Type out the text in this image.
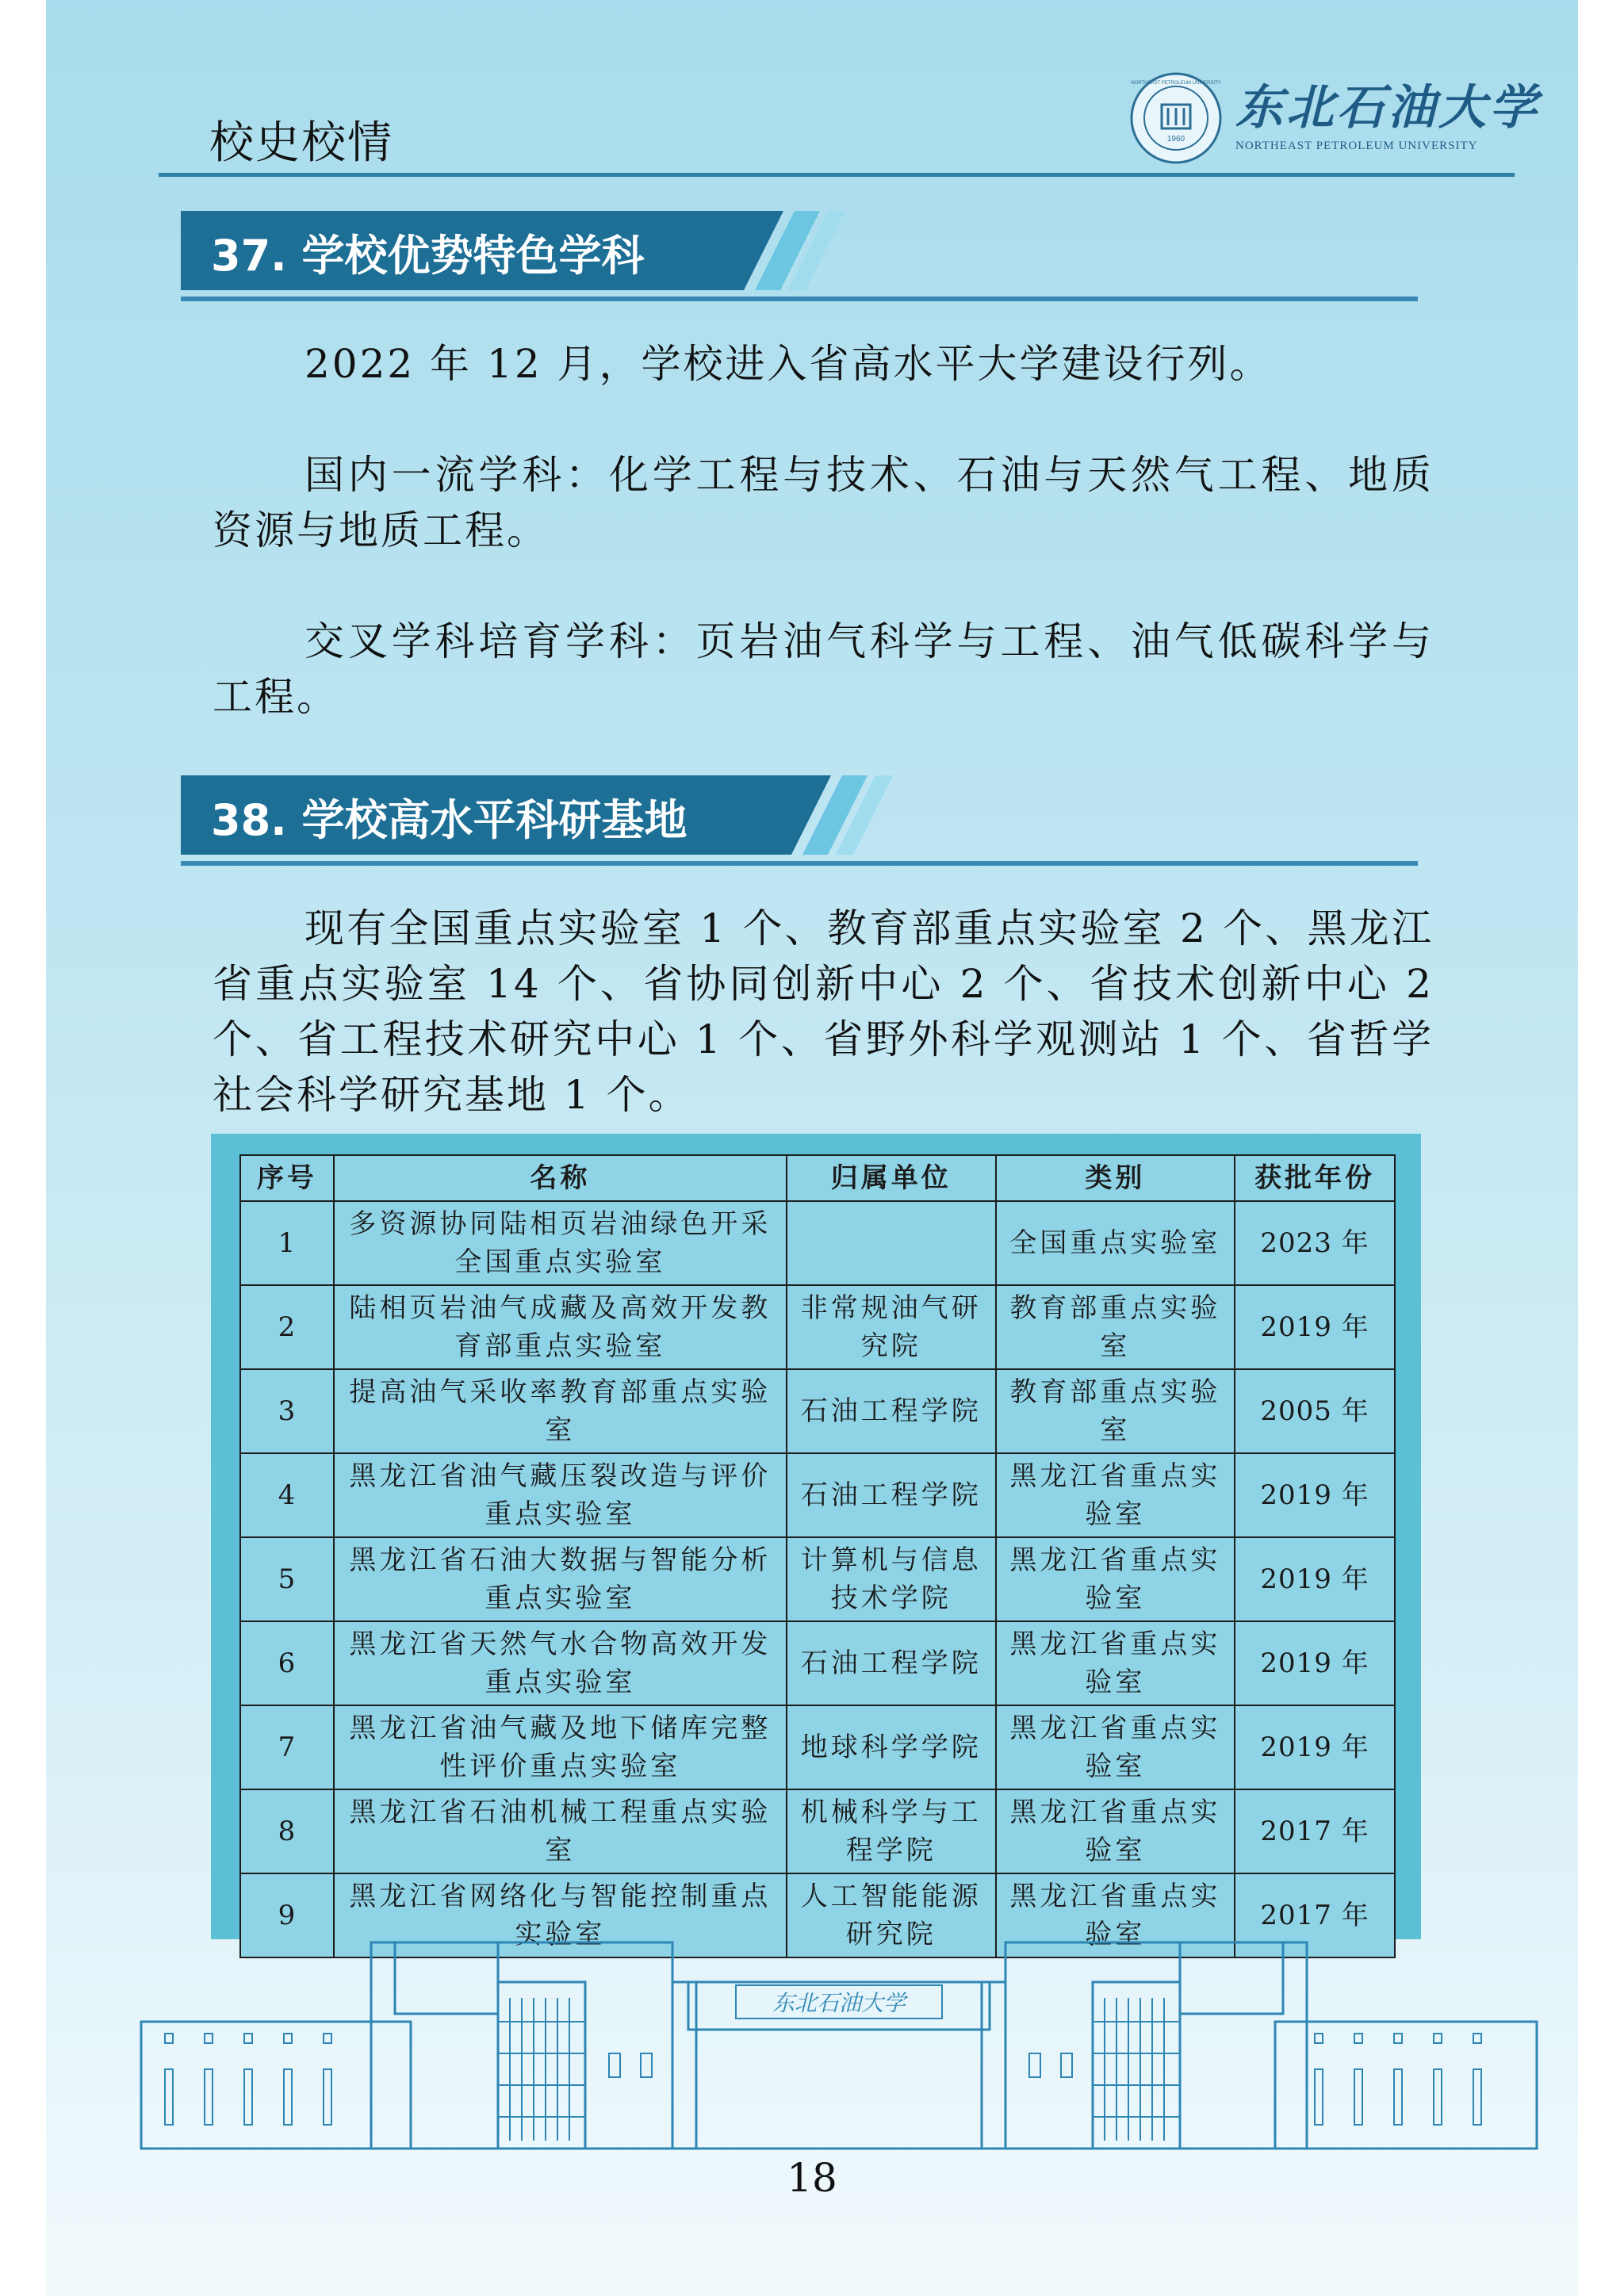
校史校情	1960
NORTHEAST PETROLEUM UNIVERSITY 东北石油大学
NORTHEAST PETROLEUM UNIVERSITY
37. 学校优势特色学科
2022 年 12 月，学校进入省高水平大学建设行列。
国内一流学科：化学工程与技术、石油与天然气工程、地质资源与地质工程。
交叉学科培育学科：页岩油气科学与工程、油气低碳科学与工程。
38. 学校高水平科研基地
现有全国重点实验室 1 个、教育部重点实验室 2 个、黑龙江省重点实验室 14 个、省协同创新中心 2 个、省技术创新中心 2 个、省工程技术研究中心 1 个、省野外科学观测站 1 个、省哲学社会科学研究基地 1 个。
序号	名称	归属单位	类别	获批年份
1	多资源协同陆相页岩油绿色开采全国重点实验室		全国重点实验室	2023 年
2	陆相页岩油气成藏及高效开发教育部重点实验室	非常规油气研究院	教育部重点实验室	2019 年
3	提高油气采收率教育部重点实验室	石油工程学院	教育部重点实验室	2005 年
4	黑龙江省油气藏压裂改造与评价重点实验室	石油工程学院	黑龙江省重点实验室	2019 年
5	黑龙江省石油大数据与智能分析重点实验室	计算机与信息技术学院	黑龙江省重点实验室	2019 年
6	黑龙江省天然气水合物高效开发重点实验室	石油工程学院	黑龙江省重点实验室	2019 年
7	黑龙江省油气藏及地下储库完整性评价重点实验室	地球科学学院	黑龙江省重点实验室	2019 年
8	黑龙江省石油机械工程重点实验室	机械科学与工程学院	黑龙江省重点实验室	2017 年
9	黑龙江省网络化与智能控制重点实验室	人工智能能源研究院	黑龙江省重点实验室	2017 年
东北石油大学
18
